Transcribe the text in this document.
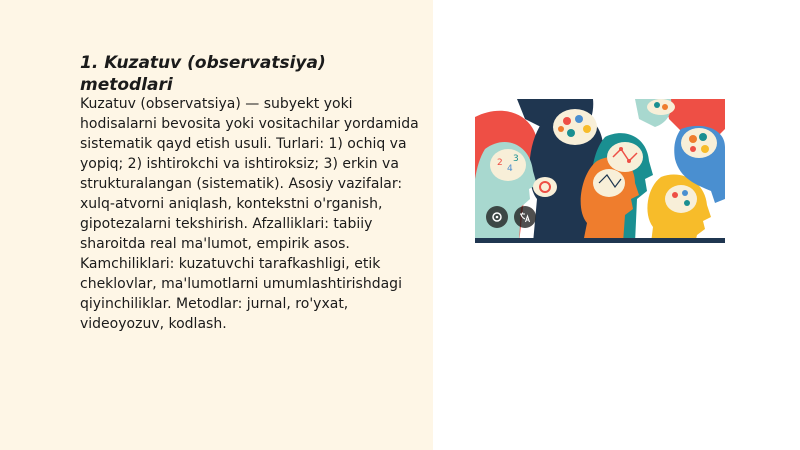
1. Kuzatuv (observatsiya) metodlari

Kuzatuv (observatsiya) — subyekt yoki hodisalarni bevosita yoki vositachilar yordamida sistematik qayd etish usuli. Turlari: 1) ochiq va yopiq; 2) ishtirokchi va ishtiroksiz; 3) erkin va strukturalangan (sistematik). Asosiy vazifalar: xulq-atvorni aniqlash, kontekstni o'rganish, gipotezalarni tekshirish. Afzalliklari: tabiiy sharoitda real ma'lumot, empirik asos. Kamchiliklari: kuzatuvchi tarafkashligi, etik cheklovlar, ma'lumotlarni umumlashtirishdagi qiyinchiliklar. Metodlar: jurnal, ro'yxat, videoyozuv, kodlash.

2
4
3
